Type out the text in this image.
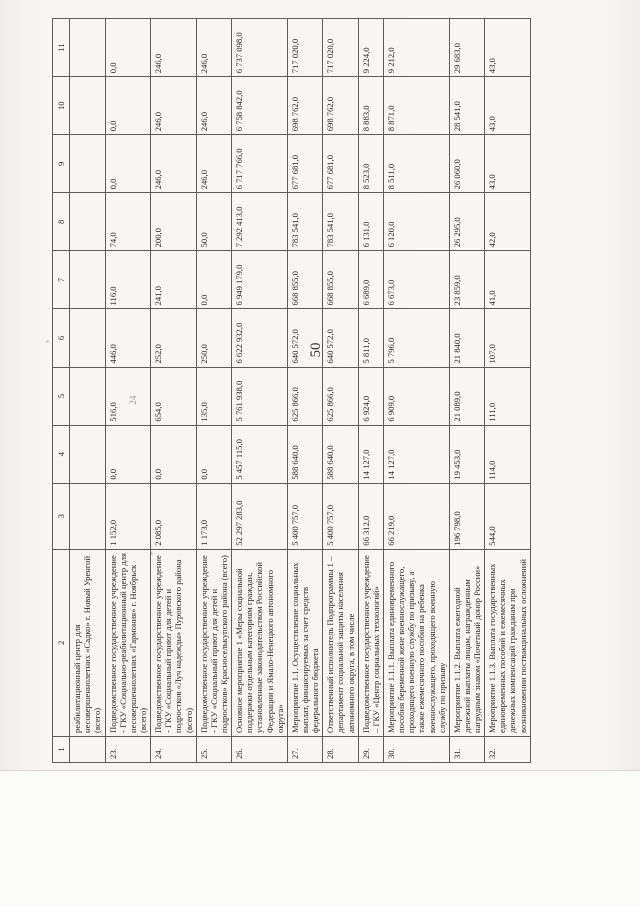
50
24
1	2	3	4	5	6	7	8	9	10	11
	реабилитационный центр для несовершеннолетних «Садко» г. Новый Уренгой (всего)									
23.	Подведомственное государственное учреждение - ГКУ «Социально-реабилитационный центр для несовершеннолетних «Гармония» г. Ноябрьск (всего)	1 152,0	0,0	516,0	446,0	116,0	74,0	0,0	0,0	0,0
24.	Подведомственное государственное учреждение - ГКУ «Социальный приют для детей и подростков «Луч надежды» Пуровского района (всего)	2 085,0	0,0	654,0	252,0	241,0	200,0	246,0	246,0	246,0
25.	Подведомственное государственное учреждение - ГКУ «Социальный приют для детей и подростков» Красноселькупского района (всего)	1 173,0	0,0	135,0	250,0	0,0	50,0	246,0	246,0	246,0
26.	Основное мероприятие 1 «Меры социальной поддержки отдельным категориям граждан, установленные законодательством Российской Федерации и Ямало-Ненецкого автономного округа»	52 297 283,0	5 457 115,0	5 761 938,0	6 622 932,0	6 949 179,0	7 292 413,0	6 717 766,0	6 758 842,0	6 737 098,0
27.	Мероприятие 1.1. Осуществление социальных выплат, финансируемых за счет средств федерального бюджета	5 400 757,0	588 640,0	625 866,0	640 572,0	668 855,0	783 541,0	677 681,0	698 762,0	717 020,0
28.	Ответственный исполнитель Подпрограммы 1 – департамент социальной защиты населения автономного округа, в том числе	5 400 757,0	588 640,0	625 866,0	640 572,0	668 855,0	783 541,0	677 681,0	698 762,0	717 020,0
29.	Подведомственное государственное учреждение – ГКУ «Центр социальных технологий»	66 312,0	14 127,0	6 924,0	5 811,0	6 689,0	6 131,0	8 523,0	8 883,0	9 224,0
30.	Мероприятие 1.1.1. Выплата единовременного пособия беременной жене военнослужащего, проходящего военную службу по призыву, а также ежемесячного пособия на ребенка военнослужащего, проходящего военную службу по призыву	66 219,0	14 127,0	6 909,0	5 796,0	6 673,0	6 120,0	8 511,0	8 871,0	9 212,0
31.	Мероприятие 1.1.2. Выплата ежегодной денежной выплаты лицам, награжденным нагрудным знаком «Почетный донор России»	196 798,0	19 453,0	21 089,0	21 840,0	23 859,0	26 295,0	26 060,0	28 541,0	29 683,0
32.	Мероприятие 1.1.3. Выплата государственных единовременных пособий и ежемесячных денежных компенсаций гражданам при возникновении поствакцинальных осложнений	544,0	114,0	111,0	107,0	41,0	42,0	43,0	43,0	43,0
